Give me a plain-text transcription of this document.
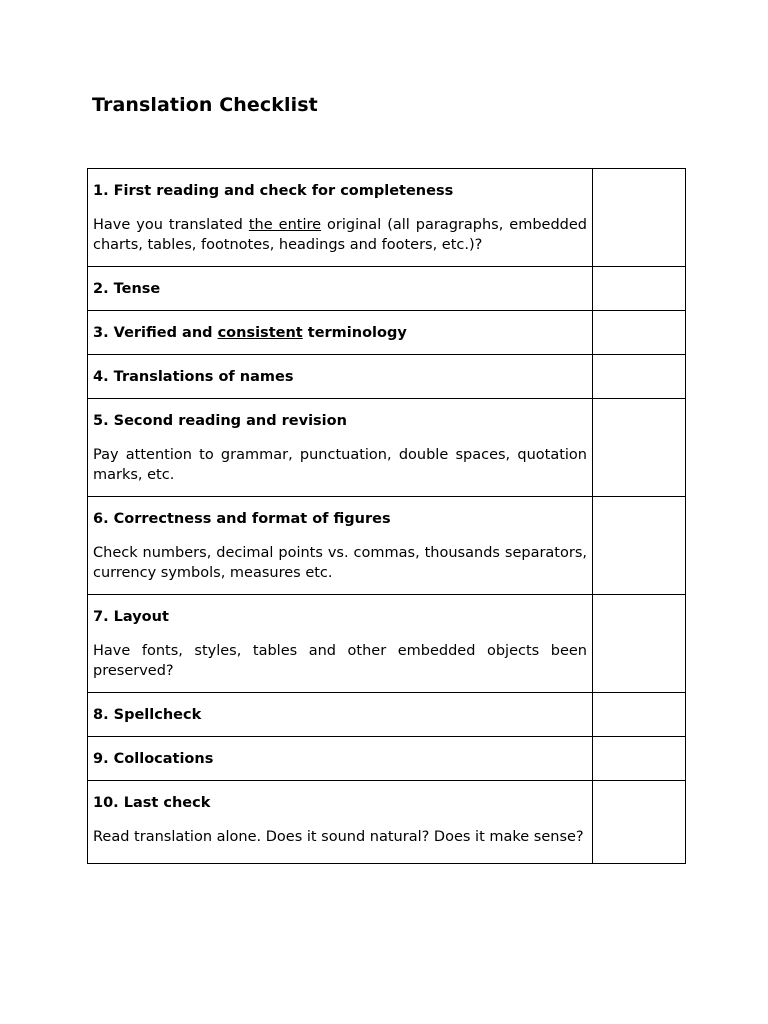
Translation Checklist
1. First reading and check for completeness
Have you translated the entire original (all paragraphs, embedded charts, tables, footnotes, headings and footers, etc.)?	

2. Tense	

3. Verified and consistent terminology	

4. Translations of names	

5. Second reading and revision
Pay attention to grammar, punctuation, double spaces, quotation marks, etc.	

6. Correctness and format of figures
Check numbers, decimal points vs. commas, thousands separators, currency symbols, measures etc.	

7. Layout
Have fonts, styles, tables and other embedded objects been preserved?	

8. Spellcheck	

9. Collocations	

10. Last check
Read translation alone. Does it sound natural? Does it make sense?	
